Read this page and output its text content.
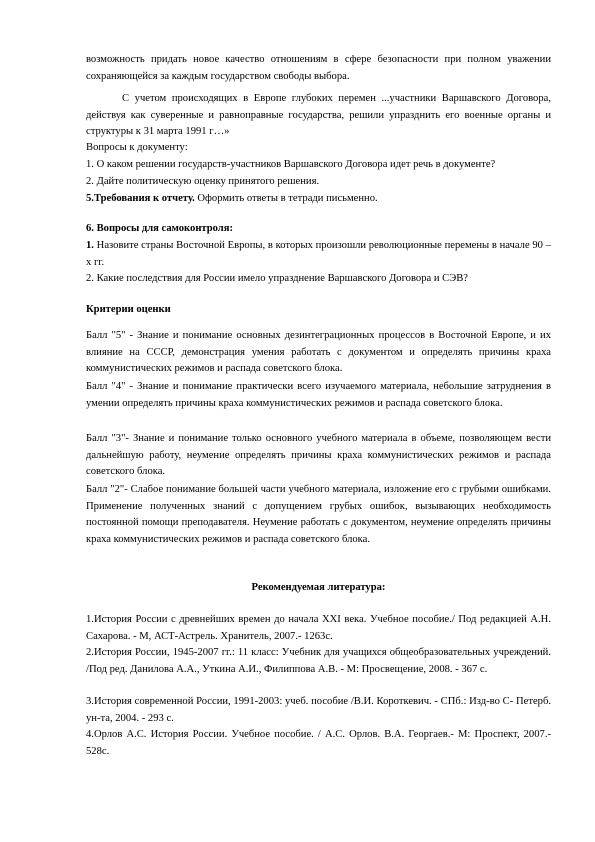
возможность придать новое качество отношениям в сфере безопасности при полном уважении сохраняющейся за каждым государством свободы выбора.

С учетом происходящих в Европе глубоких перемен ...участники Варшавского Договора, действуя как суверенные и равноправные государства, решили упразднить его военные органы и структуры к 31 марта 1991 г…»

Вопросы к документу:

1. О каком решении государств-участников Варшавского Договора идет речь в документе?

2. Дайте политическую оценку принятого решения.

5.Требования к отчету. Оформить ответы в тетради письменно.

6. Вопросы для самоконтроля:

1. Назовите страны Восточной Европы, в которых произошли революционные перемены в начале 90 – х гг.

2. Какие последствия для России имело упразднение Варшавского Договора и СЭВ?

Критерии оценки

Балл "5" - Знание и понимание основных дезинтеграционных процессов в Восточной Европе, и их влияние на СССР, демонстрация умения работать с документом и определять причины краха коммунистических режимов и распада советского блока.

Балл "4" - Знание и понимание практически всего изучаемого материала, небольшие затруднения в умении определять причины краха коммунистических режимов и распада советского блока.

Балл "3"- Знание и понимание только основного учебного материала в объеме, позволяющем вести дальнейшую работу, неумение определять причины краха коммунистических режимов и распада советского блока.

Балл "2"- Слабое понимание большей части учебного материала, изложение его с грубыми ошибками. Применение полученных знаний с допущением грубых ошибок, вызывающих необходимость постоянной помощи преподавателя. Неумение работать с документом, неумение определять причины краха коммунистических режимов и распада советского блока.

Рекомендуемая литература:

1.История России с древнейших времен до начала XXI века. Учебное пособие./ Под редакцией А.Н. Сахарова. - М, АСТ-Астрель. Хранитель, 2007.- 1263с.

2.История России, 1945-2007 гг.: 11 класс: Учебник для учащихся общеобразовательных учреждений. /Под ред. Данилова А.А., Уткина А.И., Филиппова А.В. - М: Просвещение, 2008. - 367 с.

3.История современной России, 1991-2003: учеб. пособие /В.И. Короткевич. - СПб.: Изд-во С- Петерб. ун-та, 2004. - 293 с.

4.Орлов А.С. История России. Учебное пособие. / А.С. Орлов. В.А. Георгаев.- М: Проспект, 2007.- 528с.
